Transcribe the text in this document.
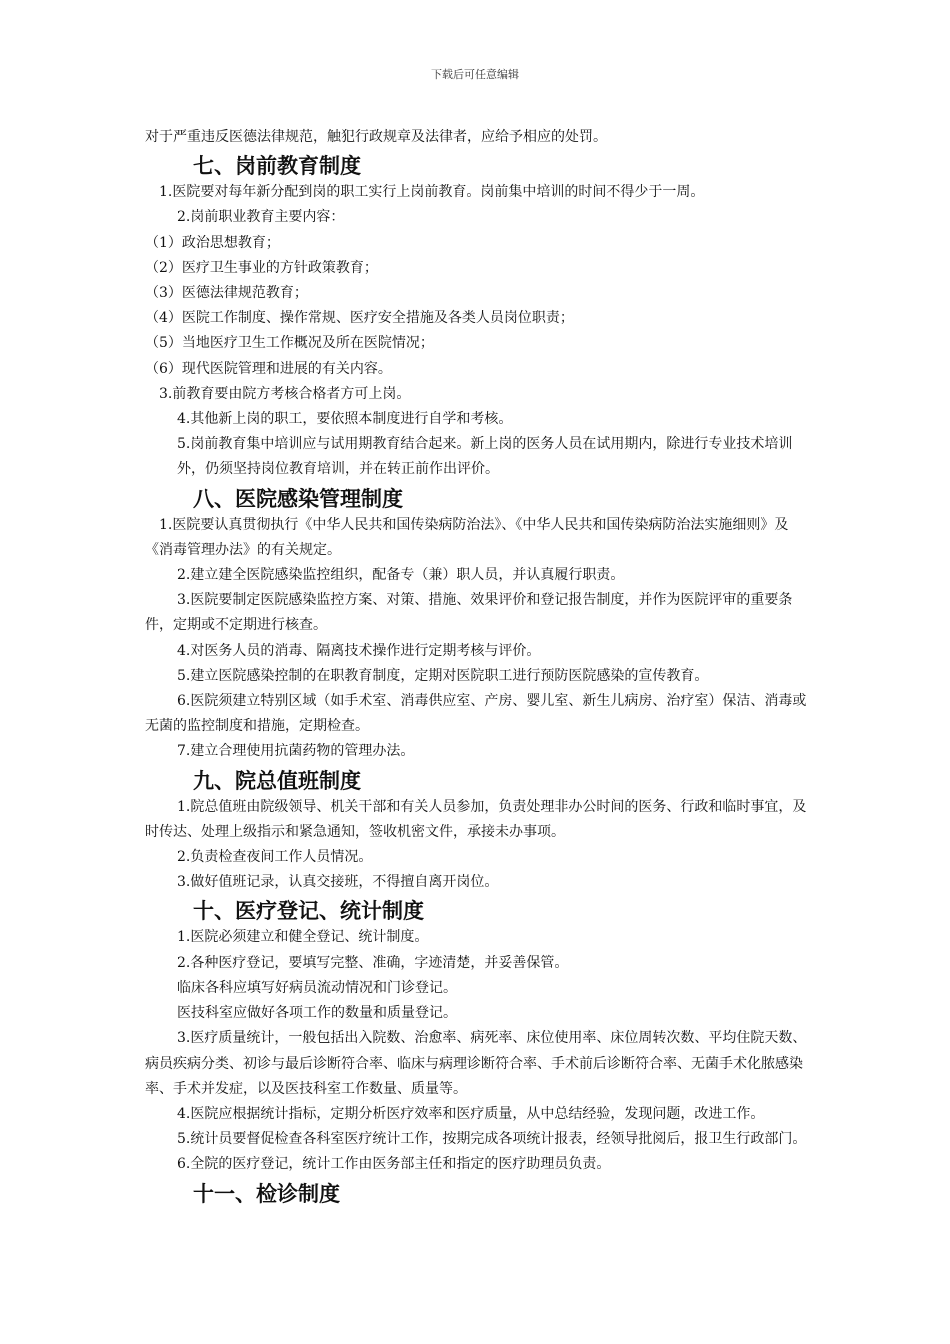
下载后可任意编辑

对于严重违反医德法律规范，触犯行政规章及法律者，应给予相应的处罚。

七、岗前教育制度

1.医院要对每年新分配到岗的职工实行上岗前教育。岗前集中培训的时间不得少于一周。

2.岗前职业教育主要内容：

（1）政治思想教育；

（2）医疗卫生事业的方针政策教育；

（3）医德法律规范教育；

（4）医院工作制度、操作常规、医疗安全措施及各类人员岗位职责；

（5）当地医疗卫生工作概况及所在医院情况；

（6）现代医院管理和进展的有关内容。

3.前教育要由院方考核合格者方可上岗。

4.其他新上岗的职工，要依照本制度进行自学和考核。

5.岗前教育集中培训应与试用期教育结合起来。新上岗的医务人员在试用期内，除进行专业技术培训外，仍须坚持岗位教育培训，并在转正前作出评价。

八、医院感染管理制度

1.医院要认真贯彻执行《中华人民共和国传染病防治法》、《中华人民共和国传染病防治法实施细则》及《消毒管理办法》的有关规定。

2.建立建全医院感染监控组织，配备专（兼）职人员，并认真履行职责。

3.医院要制定医院感染监控方案、对策、措施、效果评价和登记报告制度，并作为医院评审的重要条件，定期或不定期进行核查。

4.对医务人员的消毒、隔离技术操作进行定期考核与评价。

5.建立医院感染控制的在职教育制度，定期对医院职工进行预防医院感染的宣传教育。

6.医院须建立特别区域（如手术室、消毒供应室、产房、婴儿室、新生儿病房、治疗室）保洁、消毒或无菌的监控制度和措施，定期检查。

7.建立合理使用抗菌药物的管理办法。

九、院总值班制度

1.院总值班由院级领导、机关干部和有关人员参加，负责处理非办公时间的医务、行政和临时事宜，及时传达、处理上级指示和紧急通知，签收机密文件，承接未办事项。

2.负责检查夜间工作人员情况。

3.做好值班记录，认真交接班，不得擅自离开岗位。

十、医疗登记、统计制度

1.医院必须建立和健全登记、统计制度。

2.各种医疗登记，要填写完整、准确，字迹清楚，并妥善保管。

临床各科应填写好病员流动情况和门诊登记。

医技科室应做好各项工作的数量和质量登记。

3.医疗质量统计，一般包括出入院数、治愈率、病死率、床位使用率、床位周转次数、平均住院天数、病员疾病分类、初诊与最后诊断符合率、临床与病理诊断符合率、手术前后诊断符合率、无菌手术化脓感染率、手术并发症，以及医技科室工作数量、质量等。

4.医院应根据统计指标，定期分析医疗效率和医疗质量，从中总结经验，发现问题，改进工作。

5.统计员要督促检查各科室医疗统计工作，按期完成各项统计报表，经领导批阅后，报卫生行政部门。

6.全院的医疗登记，统计工作由医务部主任和指定的医疗助理员负责。

十一、检诊制度
